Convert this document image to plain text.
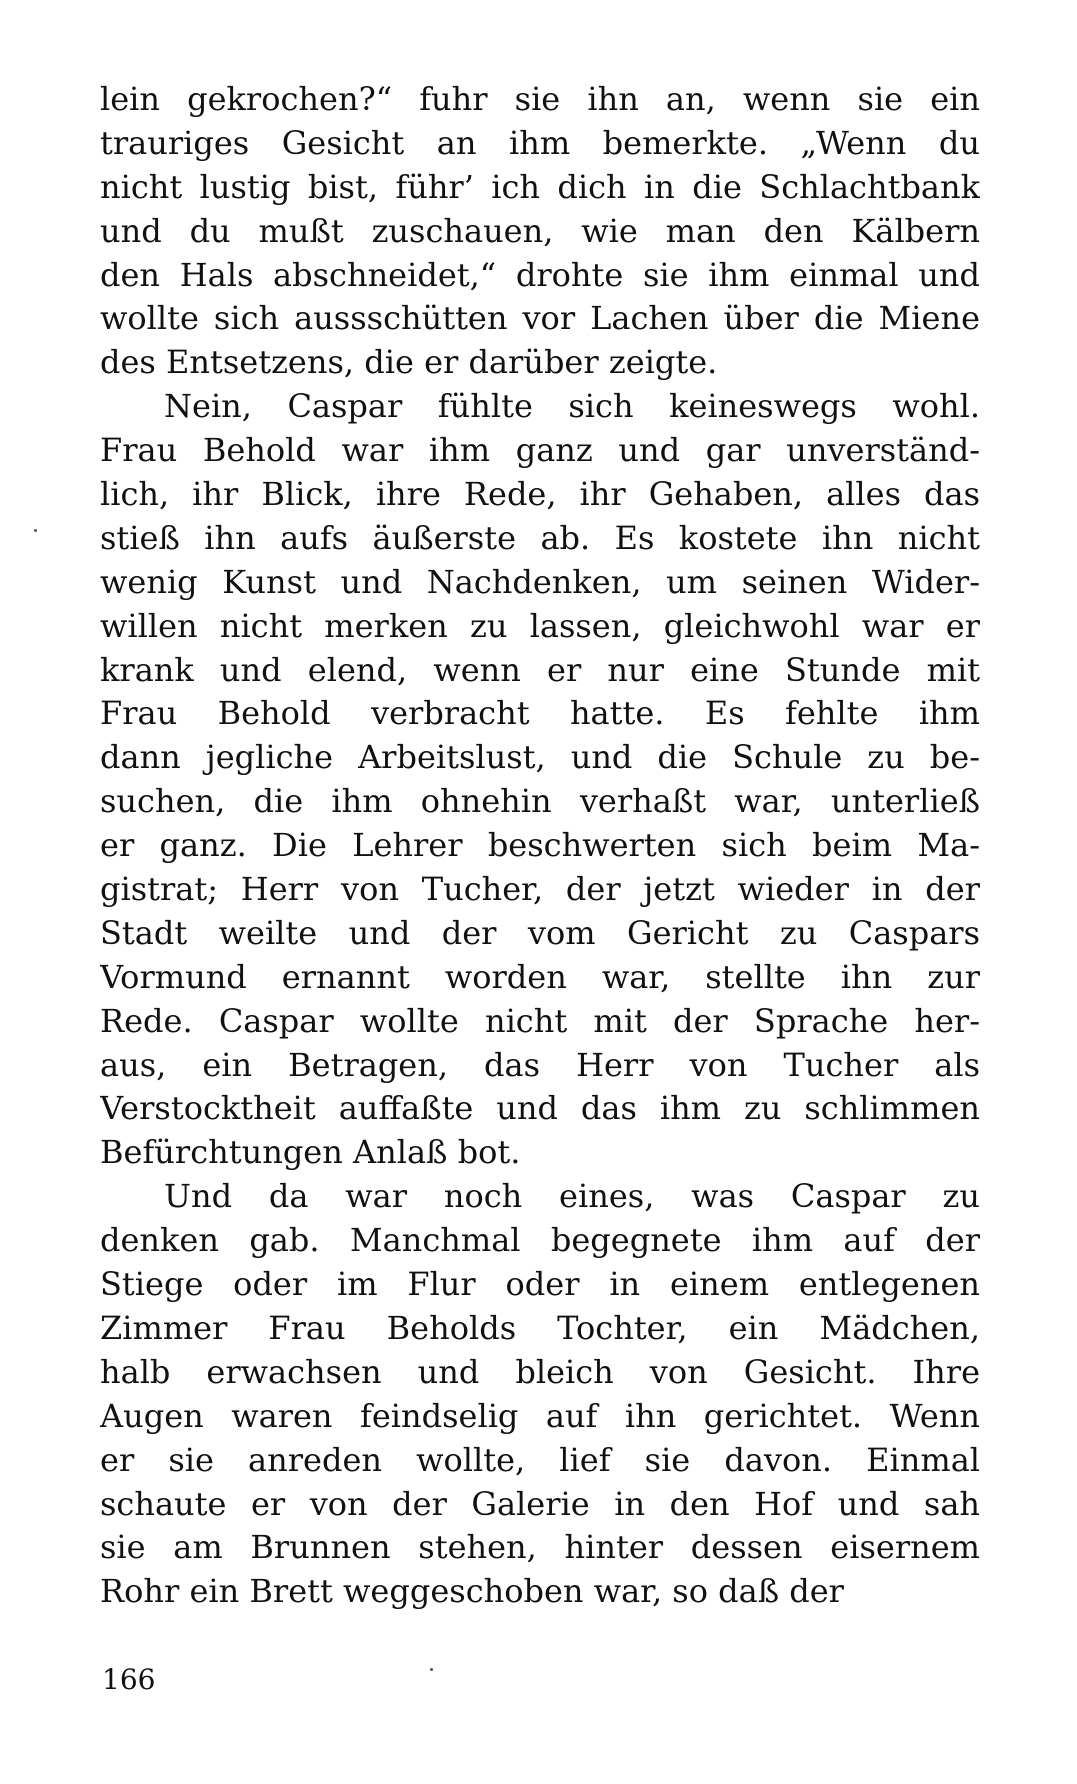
lein gekrochen?“ fuhr sie ihn an, wenn sie ein
trauriges Gesicht an ihm bemerkte. „Wenn du
nicht lustig bist, führ’ ich dich in die Schlachtbank
und du mußt zuschauen, wie man den Kälbern
den Hals abschneidet,“ drohte sie ihm einmal und
wollte sich aussschütten vor Lachen über die Miene
des Entsetzens, die er darüber zeigte.
Nein, Caspar fühlte sich keineswegs wohl.
Frau Behold war ihm ganz und gar unverständ-
lich, ihr Blick, ihre Rede, ihr Gehaben, alles das
stieß ihn aufs äußerste ab. Es kostete ihn nicht
wenig Kunst und Nachdenken, um seinen Wider-
willen nicht merken zu lassen, gleichwohl war er
krank und elend, wenn er nur eine Stunde mit
Frau Behold verbracht hatte. Es fehlte ihm
dann jegliche Arbeitslust, und die Schule zu be-
suchen, die ihm ohnehin verhaßt war, unterließ
er ganz. Die Lehrer beschwerten sich beim Ma-
gistrat; Herr von Tucher, der jetzt wieder in der
Stadt weilte und der vom Gericht zu Caspars
Vormund ernannt worden war, stellte ihn zur
Rede. Caspar wollte nicht mit der Sprache her-
aus, ein Betragen, das Herr von Tucher als
Verstocktheit auffaßte und das ihm zu schlimmen
Befürchtungen Anlaß bot.
Und da war noch eines, was Caspar zu
denken gab. Manchmal begegnete ihm auf der
Stiege oder im Flur oder in einem entlegenen
Zimmer Frau Beholds Tochter, ein Mädchen,
halb erwachsen und bleich von Gesicht. Ihre
Augen waren feindselig auf ihn gerichtet. Wenn
er sie anreden wollte, lief sie davon. Einmal
schaute er von der Galerie in den Hof und sah
sie am Brunnen stehen, hinter dessen eisernem
Rohr ein Brett weggeschoben war, so daß der
166
